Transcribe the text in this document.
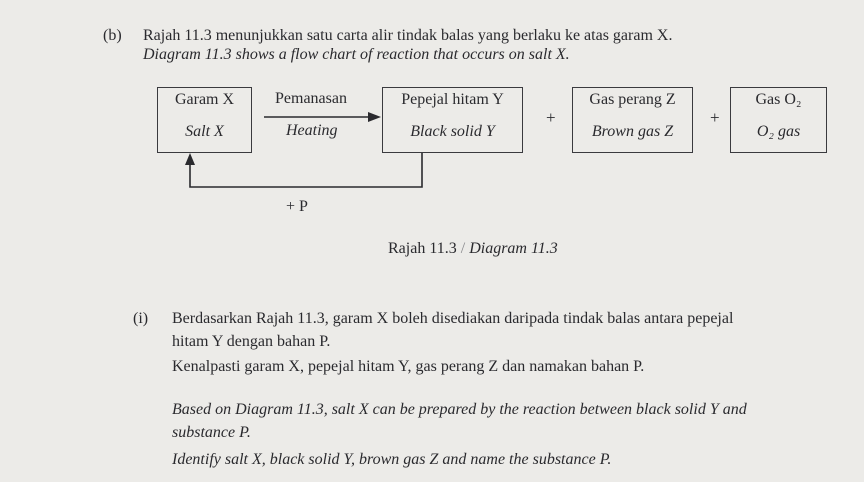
(b) Rajah 11.3 menunjukkan satu carta alir tindak balas yang berlaku ke atas garam X.
Diagram 11.3 shows a flow chart of reaction that occurs on salt X.
Garam X
Salt X
Pemanasan
Heating
Pepejal hitam Y
Black solid Y
+
Gas perang Z
Brown gas Z
+
Gas O₂
O₂ gas
+ P
Rajah 11.3 / Diagram 11.3
(i) Berdasarkan Rajah 11.3, garam X boleh disediakan daripada tindak balas antara pepejal
hitam Y dengan bahan P.
Kenalpasti garam X, pepejal hitam Y, gas perang Z dan namakan bahan P.
Based on Diagram 11.3, salt X can be prepared by the reaction between black solid Y and
substance P.
Identify salt X, black solid Y, brown gas Z and name the substance P.
